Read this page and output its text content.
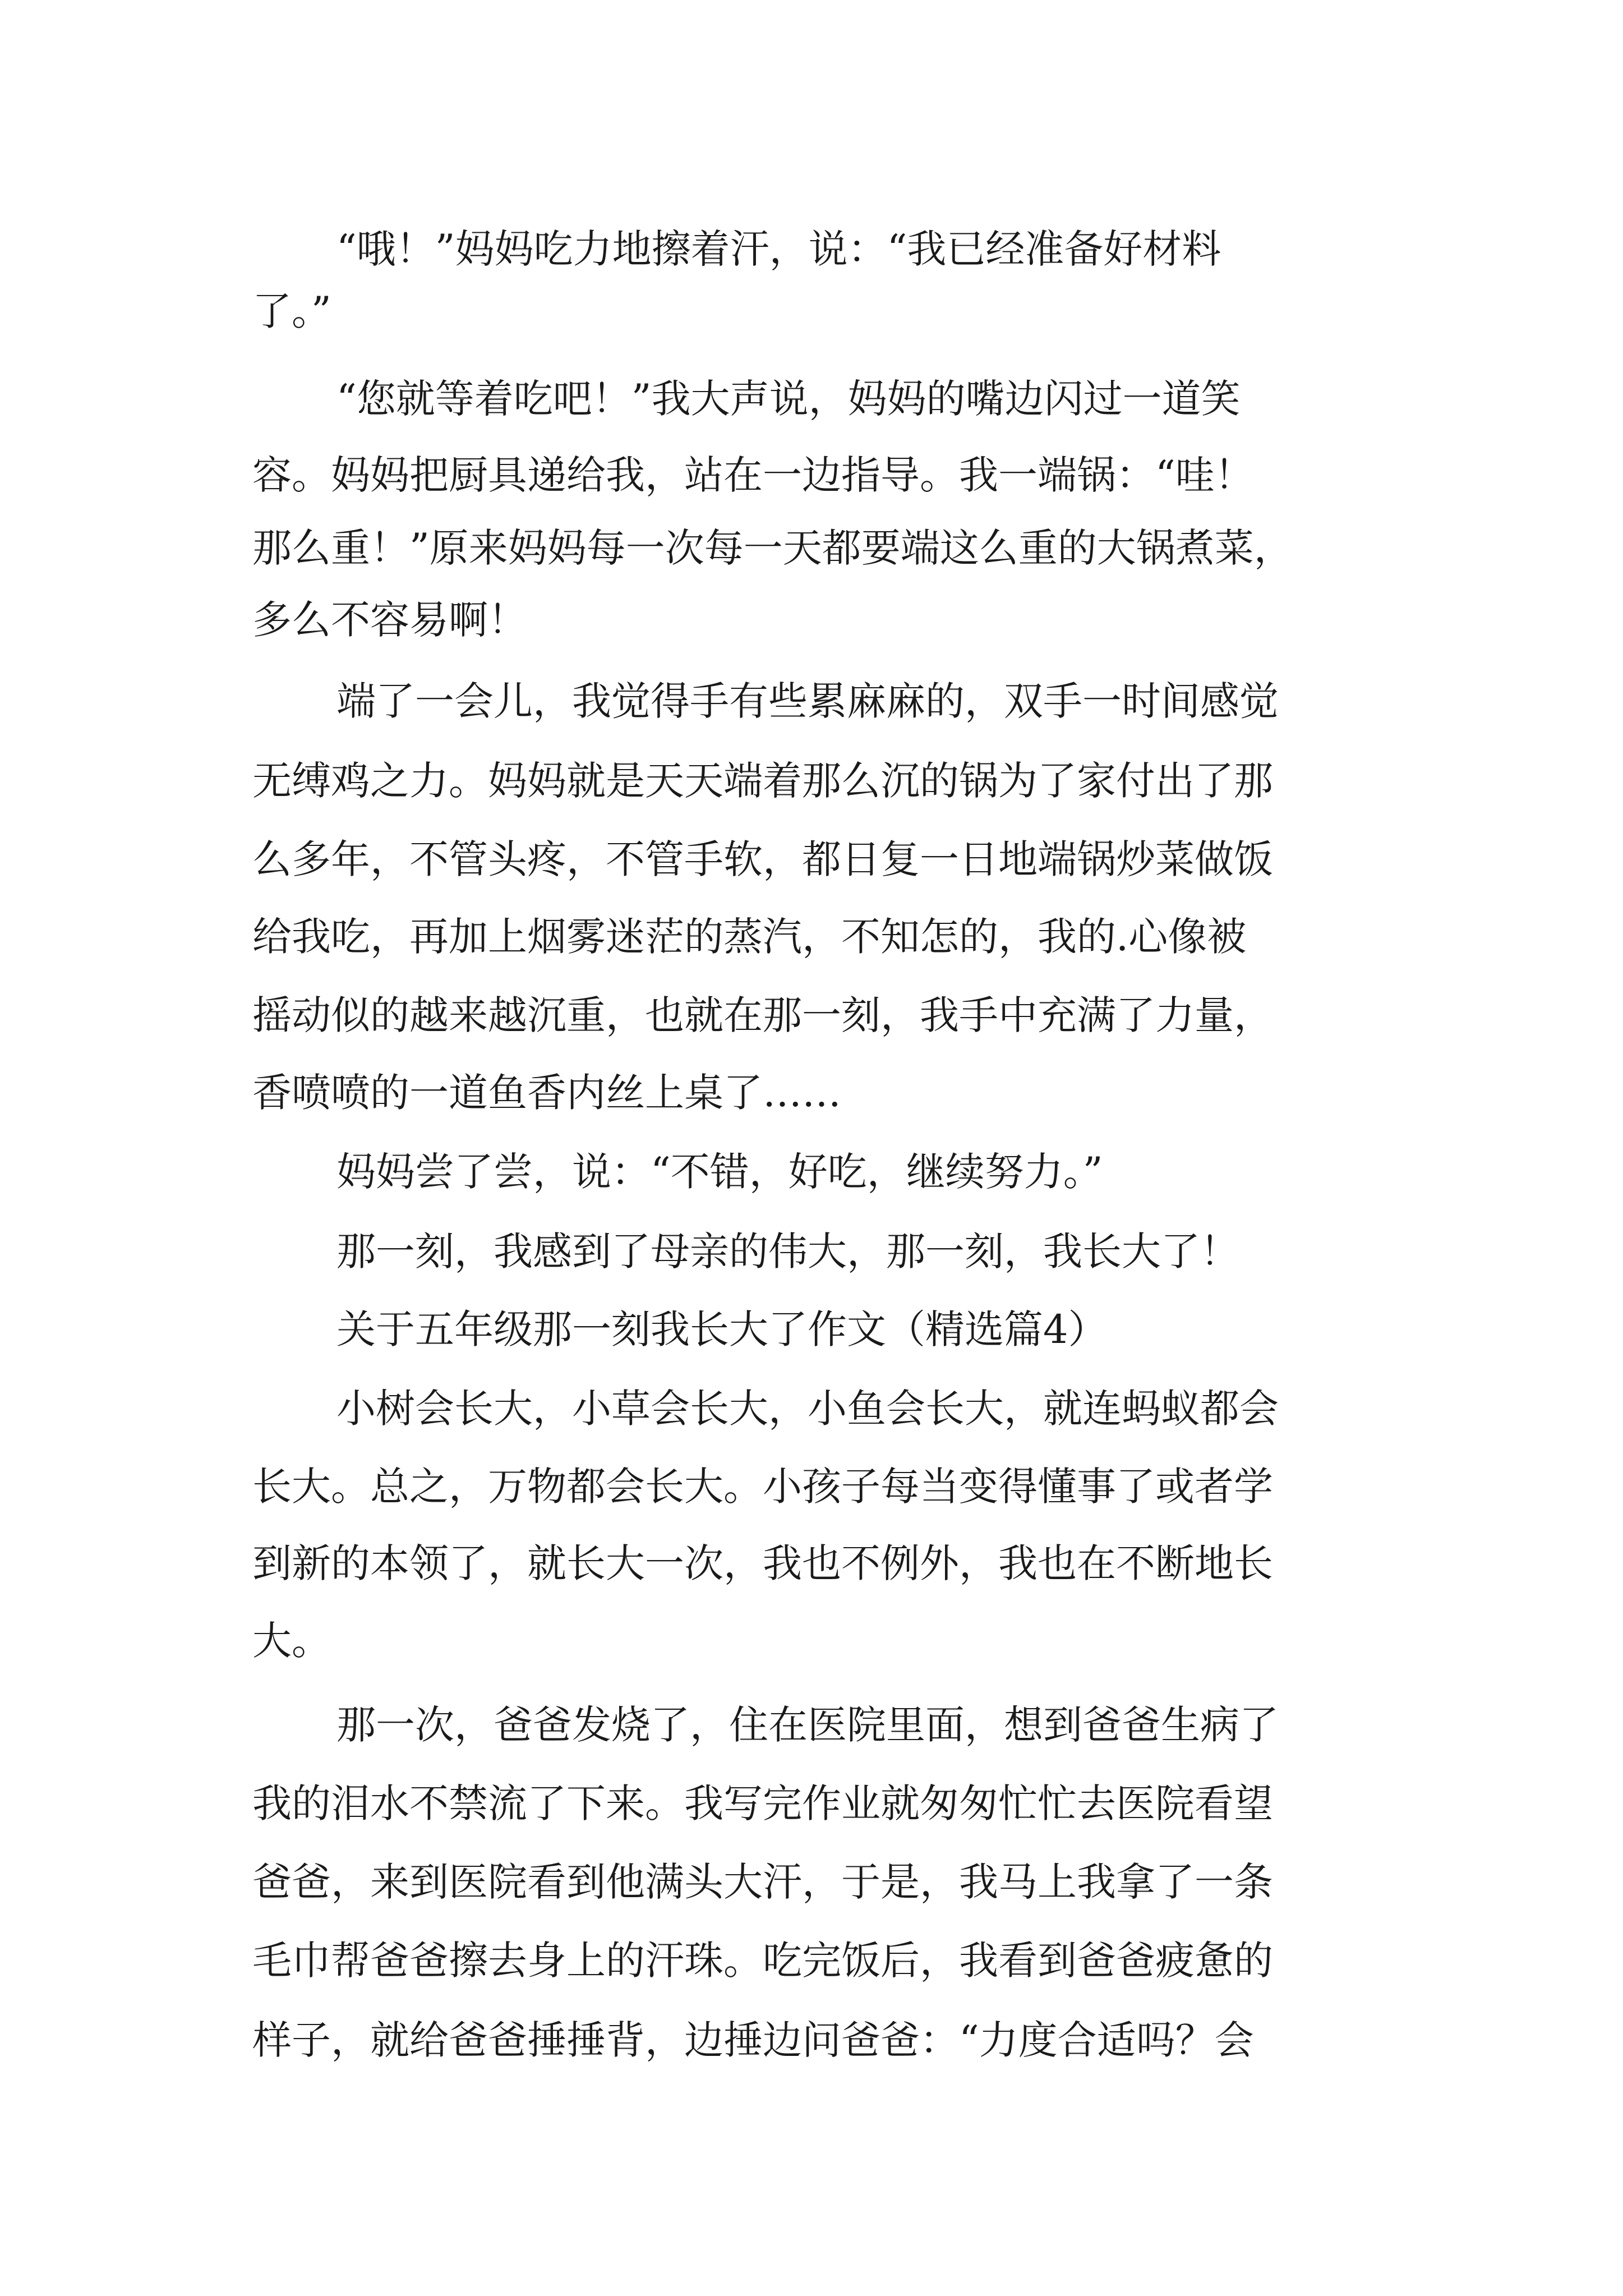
“哦！”妈妈吃力地擦着汗，说：“我已经准备好材料

了。”

“您就等着吃吧！”我大声说，妈妈的嘴边闪过一道笑

容。妈妈把厨具递给我，站在一边指导。我一端锅：“哇！

那么重！”原来妈妈每一次每一天都要端这么重的大锅煮菜，

多么不容易啊！

端了一会儿，我觉得手有些累麻麻的，双手一时间感觉

无缚鸡之力。妈妈就是天天端着那么沉的锅为了家付出了那

么多年，不管头疼，不管手软，都日复一日地端锅炒菜做饭

给我吃，再加上烟雾迷茫的蒸汽，不知怎的，我的.心像被

摇动似的越来越沉重，也就在那一刻，我手中充满了力量，

香喷喷的一道鱼香内丝上桌了……

妈妈尝了尝，说：“不错，好吃，继续努力。”

那一刻，我感到了母亲的伟大，那一刻，我长大了！

关于五年级那一刻我长大了作文（精选篇4）

小树会长大，小草会长大，小鱼会长大，就连蚂蚁都会

长大。总之，万物都会长大。小孩子每当变得懂事了或者学

到新的本领了，就长大一次，我也不例外，我也在不断地长

大。

那一次，爸爸发烧了，住在医院里面，想到爸爸生病了

我的泪水不禁流了下来。我写完作业就匆匆忙忙去医院看望

爸爸，来到医院看到他满头大汗，于是，我马上我拿了一条

毛巾帮爸爸擦去身上的汗珠。吃完饭后，我看到爸爸疲惫的

样子，就给爸爸捶捶背，边捶边问爸爸：“力度合适吗？会
